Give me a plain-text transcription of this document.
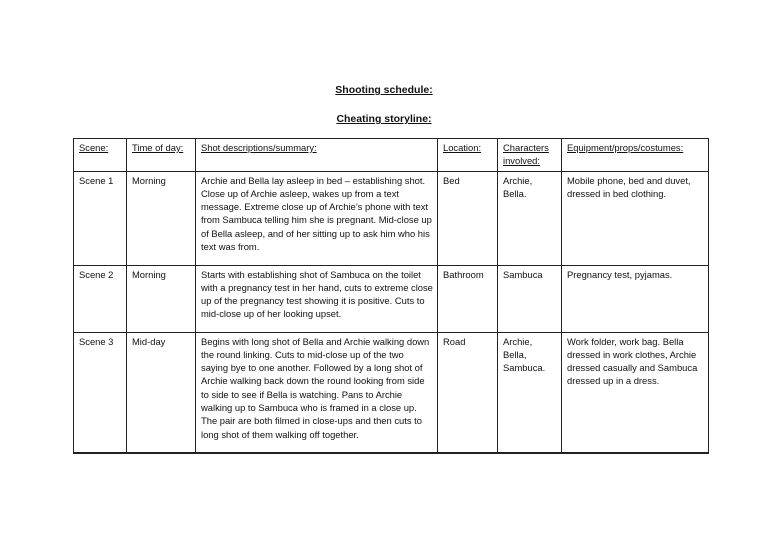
Shooting schedule:
Cheating storyline:
Scene:	Time of day:	Shot descriptions/summary:	Location:	Characters involved:	Equipment/props/costumes:
Scene 1	Morning	Archie and Bella lay asleep in bed – establishing shot. Close up of Archie asleep, wakes up from a text message. Extreme close up of Archie’s phone with text from Sambuca telling him she is pregnant. Mid-close up of Bella asleep, and of her sitting up to ask him who his text was from.	Bed	Archie, Bella.	Mobile phone, bed and duvet, dressed in bed clothing.
Scene 2	Morning	Starts with establishing shot of Sambuca on the toilet with a pregnancy test in her hand, cuts to extreme close up of the pregnancy test showing it is positive. Cuts to mid-close up of her looking upset.	Bathroom	Sambuca	Pregnancy test, pyjamas.
Scene 3	Mid-day	Begins with long shot of Bella and Archie walking down the round linking. Cuts to mid-close up of the two saying bye to one another. Followed by a long shot of Archie walking back down the round looking from side to side to see if Bella is watching. Pans to Archie walking up to Sambuca who is framed in a close up. The pair are both filmed in close-ups and then cuts to long shot of them walking off together.	Road	Archie, Bella, Sambuca.	Work folder, work bag. Bella dressed in work clothes, Archie dressed casually and Sambuca dressed up in a dress.
